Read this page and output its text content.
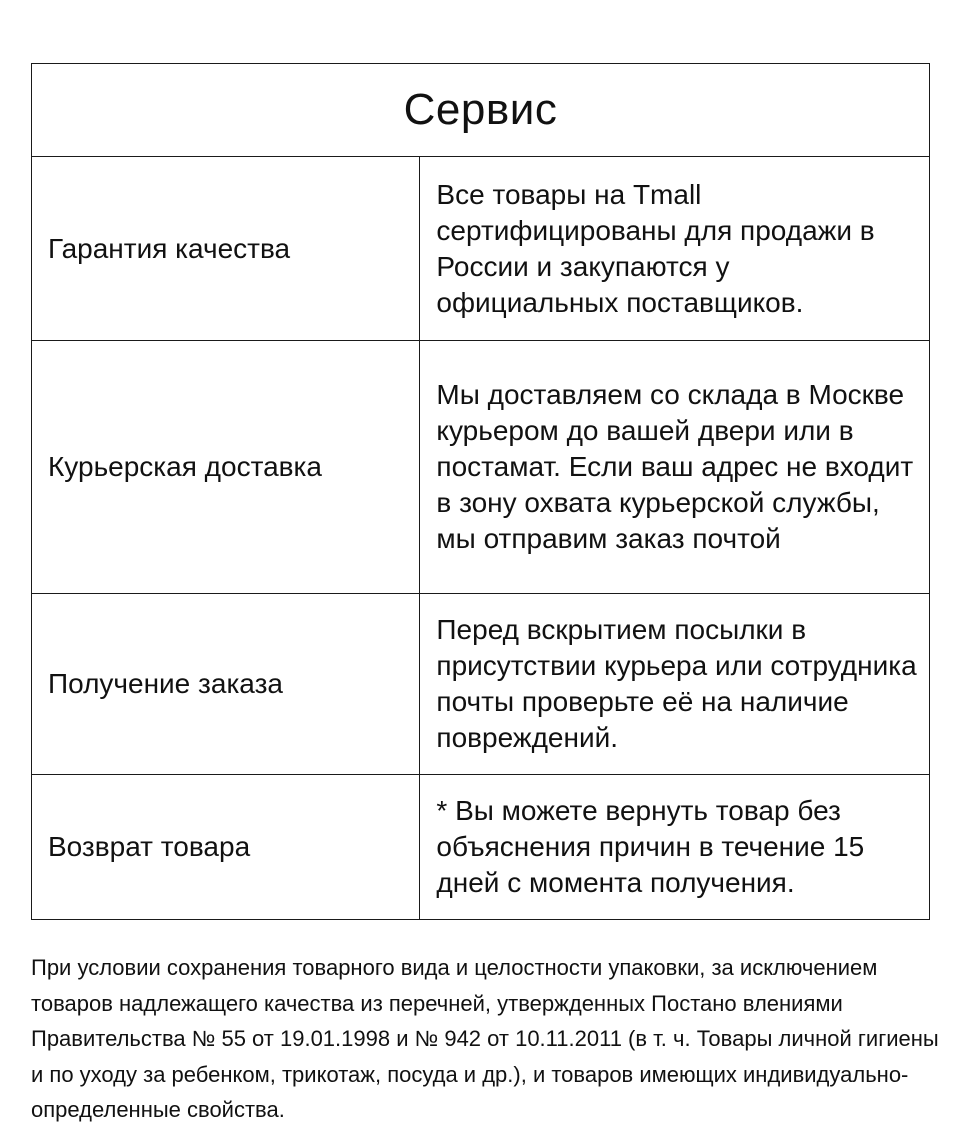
Сервис	
Гарантия качества	Все товары на Tmall сертифицированы для продажи в России и закупаются у официальных поставщиков.
Курьерская доставка	Мы доставляем со склада в Москве курьером до вашей двери или в постамат. Если ваш адрес не входит в зону охвата курьерской службы, мы отправим заказ почтой
Получение заказа	Перед вскрытием посылки в присутствии курьера или сотрудника почты проверьте её на наличие повреждений.
Возврат товара	* Вы можете вернуть товар без объяснения причин в течение 15 дней с момента получения.

При условии сохранения товарного вида и целостности упаковки, за исключением товаров надлежащего качества из перечней, утвержденных Постано влениями Правительства № 55 от 19.01.1998 и № 942 от 10.11.2011 (в т. ч. Товары личной гигиены и по уходу за ребенком, трикотаж, посуда и др.), и товаров имеющих индивидуально-определенные свойства.
